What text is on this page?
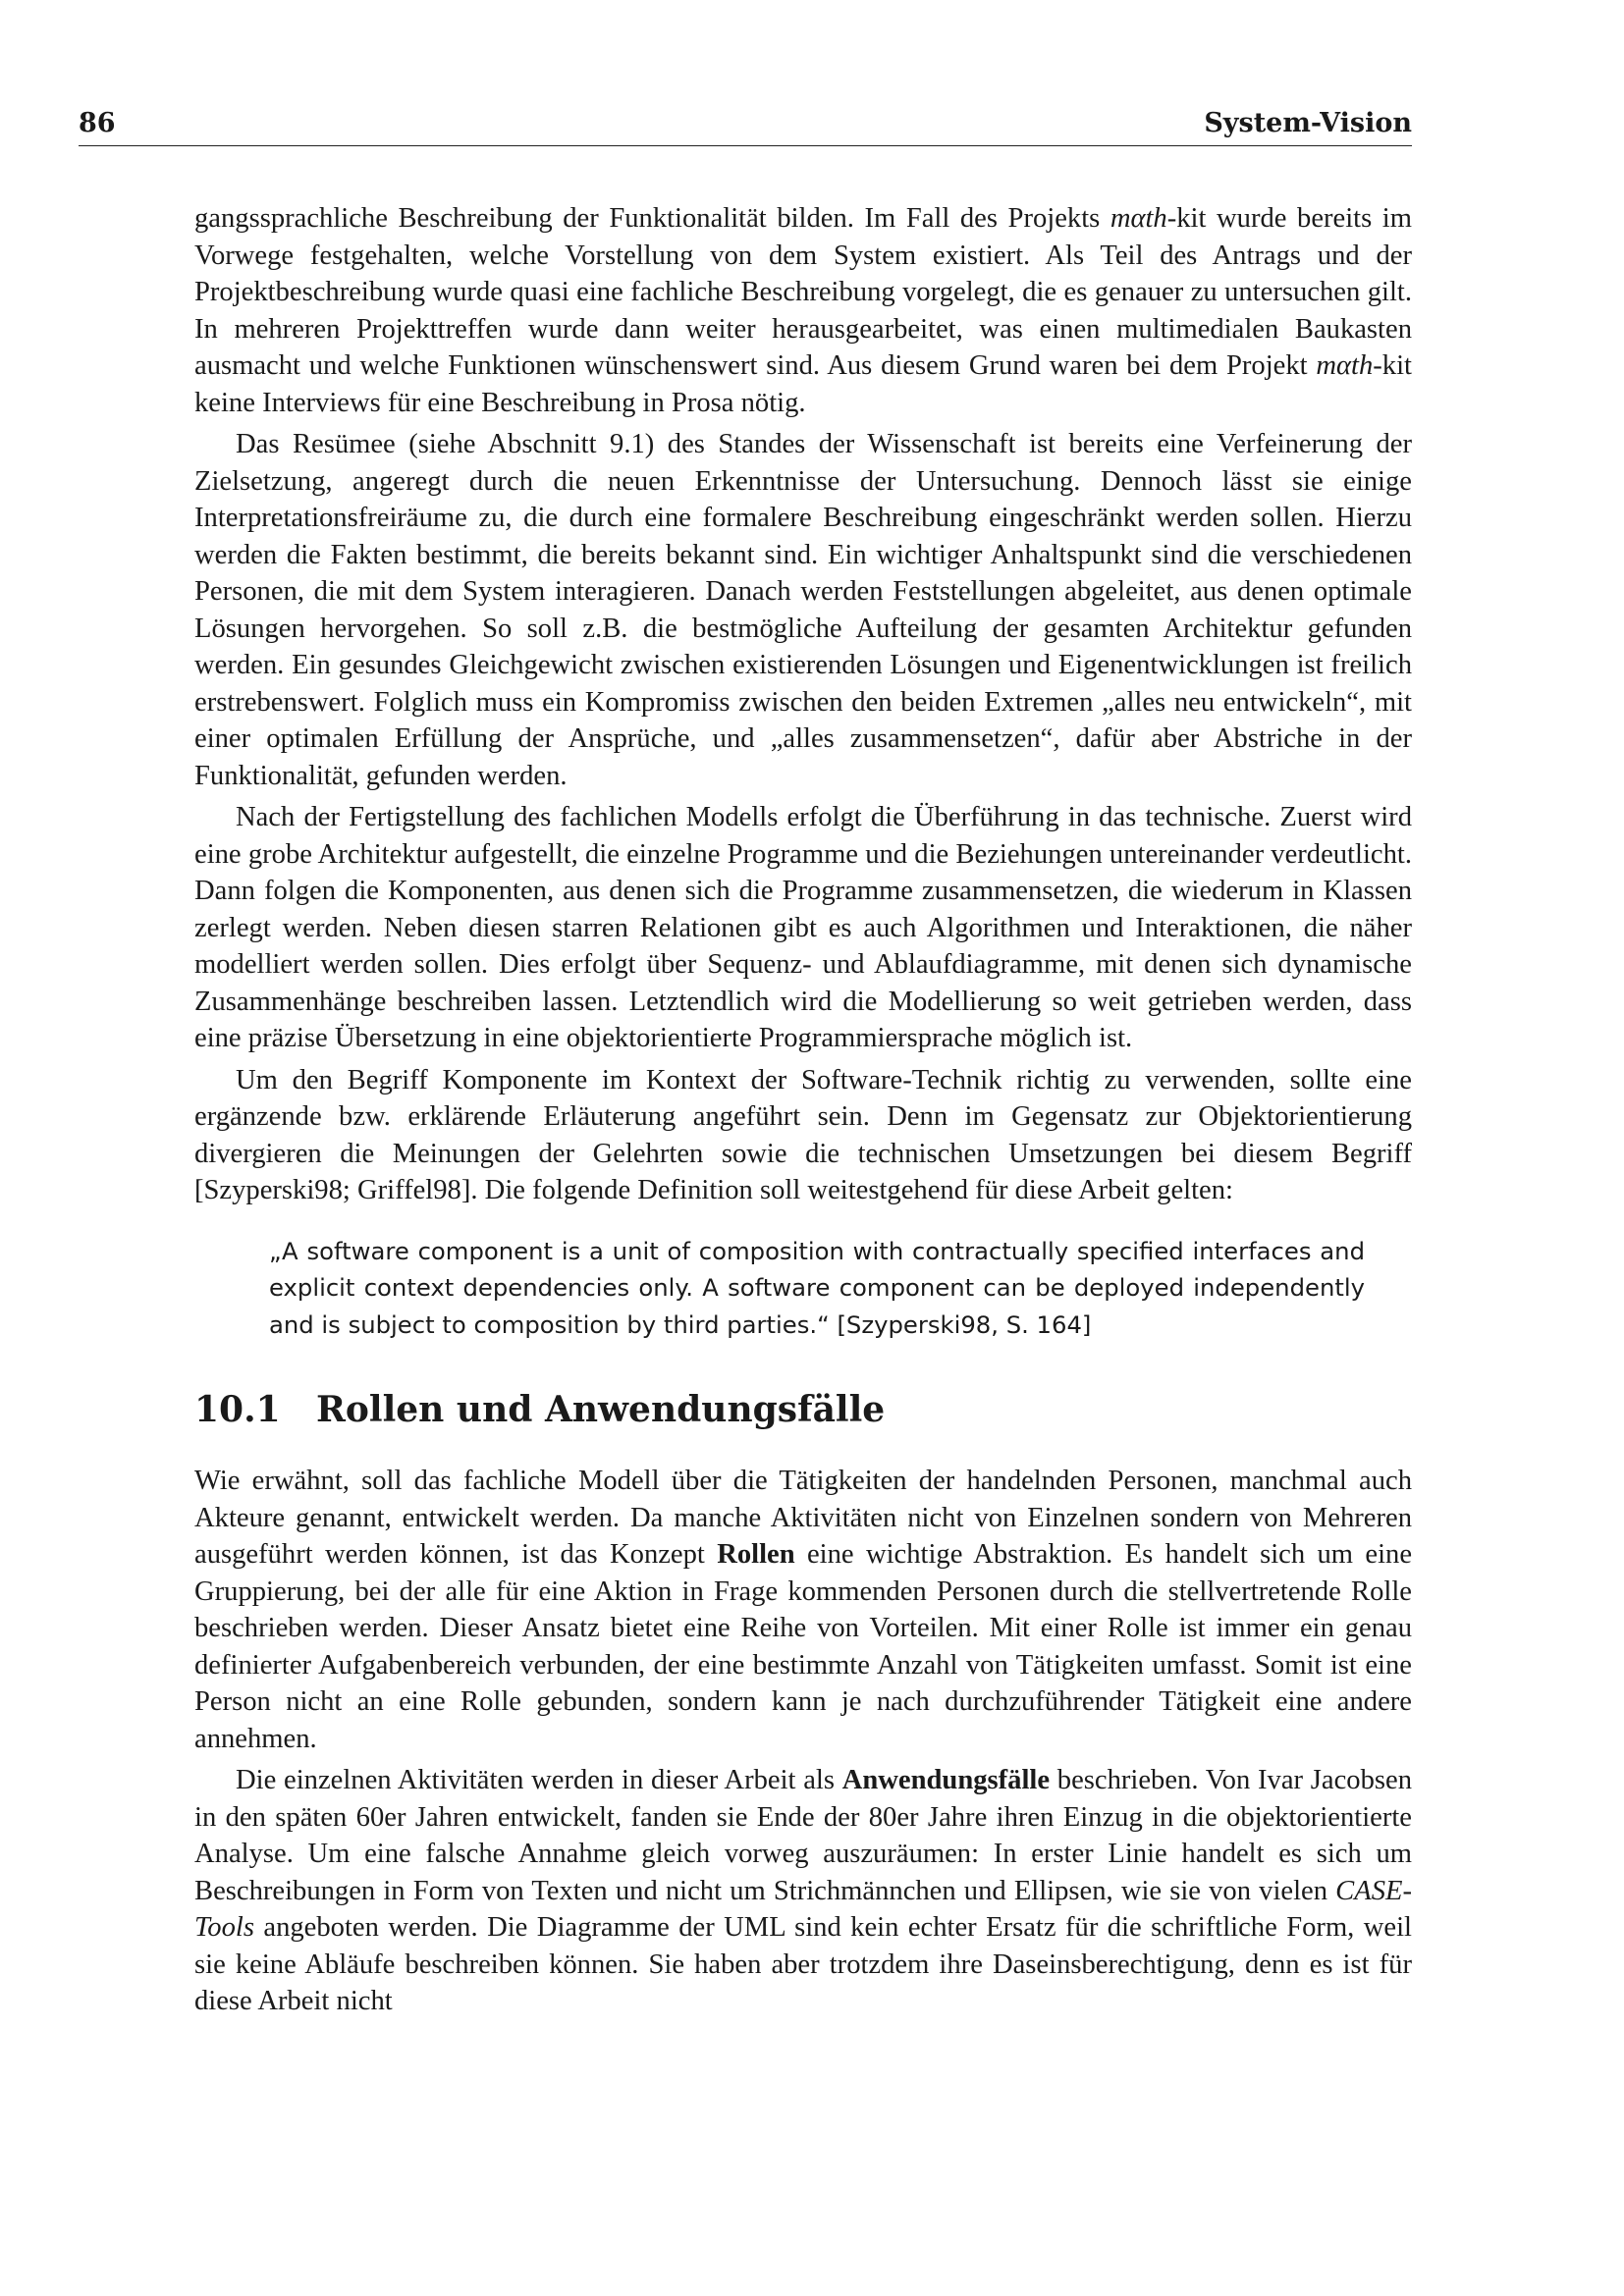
86	System-Vision

gangssprachliche Beschreibung der Funktionalität bilden. Im Fall des Projekts mαth-kit wurde bereits im Vorwege festgehalten, welche Vorstellung von dem System existiert. Als Teil des Antrags und der Projektbeschreibung wurde quasi eine fachliche Beschreibung vorgelegt, die es genauer zu untersuchen gilt. In mehreren Projekttreffen wurde dann weiter herausgearbeitet, was einen multimedialen Baukasten ausmacht und welche Funktionen wünschenswert sind. Aus diesem Grund waren bei dem Projekt mαth-kit keine Interviews für eine Beschreibung in Prosa nötig.

Das Resümee (siehe Abschnitt 9.1) des Standes der Wissenschaft ist bereits eine Verfeinerung der Zielsetzung, angeregt durch die neuen Erkenntnisse der Untersuchung. Dennoch lässt sie einige Interpretationsfreiräume zu, die durch eine formalere Beschreibung eingeschränkt werden sollen. Hierzu werden die Fakten bestimmt, die bereits bekannt sind. Ein wichtiger Anhaltspunkt sind die verschiedenen Personen, die mit dem System interagieren. Danach werden Feststellungen abgeleitet, aus denen optimale Lösungen hervorgehen. So soll z.B. die bestmögliche Aufteilung der gesamten Architektur gefunden werden. Ein gesundes Gleichgewicht zwischen existierenden Lösungen und Eigenentwicklungen ist freilich erstrebenswert. Folglich muss ein Kompromiss zwischen den beiden Extremen „alles neu entwickeln“, mit einer optimalen Erfüllung der Ansprüche, und „alles zusammensetzen“, dafür aber Abstriche in der Funktionalität, gefunden werden.

Nach der Fertigstellung des fachlichen Modells erfolgt die Überführung in das technische. Zuerst wird eine grobe Architektur aufgestellt, die einzelne Programme und die Beziehungen untereinander verdeutlicht. Dann folgen die Komponenten, aus denen sich die Programme zusammensetzen, die wiederum in Klassen zerlegt werden. Neben diesen starren Relationen gibt es auch Algorithmen und Interaktionen, die näher modelliert werden sollen. Dies erfolgt über Sequenz- und Ablaufdiagramme, mit denen sich dynamische Zusammenhänge beschreiben lassen. Letztendlich wird die Modellierung so weit getrieben werden, dass eine präzise Übersetzung in eine objektorientierte Programmiersprache möglich ist.

Um den Begriff Komponente im Kontext der Software-Technik richtig zu verwenden, sollte eine ergänzende bzw. erklärende Erläuterung angeführt sein. Denn im Gegensatz zur Objektorientierung divergieren die Meinungen der Gelehrten sowie die technischen Umsetzungen bei diesem Begriff [Szyperski98; Griffel98]. Die folgende Definition soll weitestgehend für diese Arbeit gelten:

„A software component is a unit of composition with contractually specified interfaces and explicit context dependencies only. A software component can be deployed independently and is subject to composition by third parties.“ [Szyperski98, S. 164]
10.1 Rollen und Anwendungsfälle

Wie erwähnt, soll das fachliche Modell über die Tätigkeiten der handelnden Personen, manchmal auch Akteure genannt, entwickelt werden. Da manche Aktivitäten nicht von Einzelnen sondern von Mehreren ausgeführt werden können, ist das Konzept Rollen eine wichtige Abstraktion. Es handelt sich um eine Gruppierung, bei der alle für eine Aktion in Frage kommenden Personen durch die stellvertretende Rolle beschrieben werden. Dieser Ansatz bietet eine Reihe von Vorteilen. Mit einer Rolle ist immer ein genau definierter Aufgabenbereich verbunden, der eine bestimmte Anzahl von Tätigkeiten umfasst. Somit ist eine Person nicht an eine Rolle gebunden, sondern kann je nach durchzuführender Tätigkeit eine andere annehmen.

Die einzelnen Aktivitäten werden in dieser Arbeit als Anwendungsfälle beschrieben. Von Ivar Jacobsen in den späten 60er Jahren entwickelt, fanden sie Ende der 80er Jahre ihren Einzug in die objektorientierte Analyse. Um eine falsche Annahme gleich vorweg auszuräumen: In erster Linie handelt es sich um Beschreibungen in Form von Texten und nicht um Strichmännchen und Ellipsen, wie sie von vielen CASE-Tools angeboten werden. Die Diagramme der UML sind kein echter Ersatz für die schriftliche Form, weil sie keine Abläufe beschreiben können. Sie haben aber trotzdem ihre Daseinsberechtigung, denn es ist für diese Arbeit nicht
